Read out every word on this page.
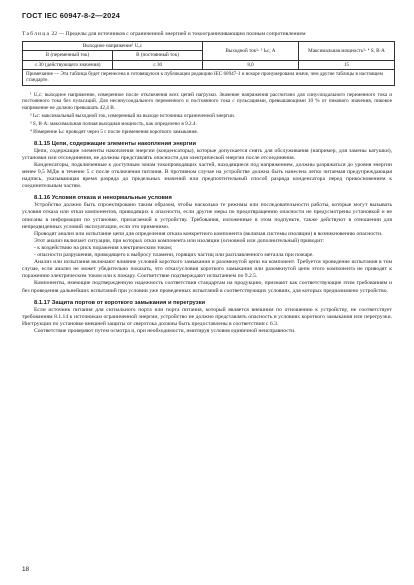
ГОСТ IEC 60947-8-2—2024
Таблица 22 — Пределы для источников с ограниченной энергией и токоограничивающим полным сопротивлением
Выходное напряжение¹ Uₒc		Выходной ток²˞ ³ Iₖc, А	Максимальная мощность³˞ ⁴ S, В·А
В (переменный ток)	В (постоянный ток)		
≤ 30 (действующего значения)	≤ 30	8,0	15
Примечание — Эта таблица будет перенесена в готовящуюся к публикации редакцию IEC 60947-1 и вскоре пронумерована иначе, чем другие таблицы в настоящем стандарте.			

¹ Uₒc: выходное напряжение, измеренное после отключения всех цепей нагрузки. Значение напряжения рассчитано для синусоидального переменного тока и постоянного тока без пульсаций. Для несинусоидального переменного и постоянного тока с пульсациями, превышающими 10 % от пикового значения, пиковое напряжение не должно превышать 42,4 В.

² Iₖc: максимальный выходной ток, измеренный на выходе источника ограниченной энергии.

³ S, В·А: максимальная полная выходная мощность, как определено в 9.2.4.

⁴ Измерение Iₖc проводят через 5 с после применения короткого замыкания.

8.1.15 Цепи, содержащие элементы накопления энергии

Цепи, содержащие элементы накопления энергии (конденсаторы), которые допускается снять для обслуживания (например, для замены катушки), установки или отсоединения, не должны представлять опасности для электрической энергии после отсоединения.

Конденсаторы, подключенные к доступным зонам токопроводящих частей, находящиеся под напряжением, должны разряжаться до уровня энергии менее 0,5 МДж в течение 5 с после отключения питания. В противном случае на устройстве должна быть нанесена легко читаемая предупреждающая надпись, указывающая время разряда до предельных значений или предпочтительный способ разряда конденсатора перед прикосновением к соединительным частям.

8.1.16 Условия отказа и ненормальные условия

Устройство должно быть спроектировано таким образом, чтобы насколько те режимы или последовательности работы, которые могут вызывать условия отказа или отказ компонентов, приводящих к опасности, если другие меры по предотвращению опасности не предусмотрены установкой и не описаны в информации по установке, прилагаемой к устройству. Требования, изложенные в этом подпункте, также действуют в отношении для непредвиденных условий эксплуатации, если это применимо.

Проводят анализ или испытание цепи для определения отказа конкретного компонента (включая системы изоляции) в возникновению опасности.

Этот анализ включает ситуации, при которых отказ компонента или изоляции (основной или дополнительный) приводит:

- к воздействию на риск поражения электрическим током;

- опасности разрушения, приводящего к выбросу пламени, горящих частиц или расплавленного металла при пожаре.

Анализ или испытания включают влияние условий короткого замыкания и разомкнутой цепи на компонент. Требуется проведение испытания в том случае, если анализ не может убедительно показать, что отказ/условия короткого замыкания или разомкнутой цепи этого компонента не приводят к поражению электрическим током или к пожару. Соответствие подтверждают испытанием по 9.2.5.

Компоненты, имеющие подтвержденную надежность соответствия стандартам на продукцию, признают как соответствующие этим требованиям и без проведения дальнейших испытаний при условии уже проведенных испытаний в соответствующих условиях, для которых предназначено устройство.

8.1.17 Защита портов от короткого замыкания и перегрузки

Если источник питания для сигнального порта или порта питания, который является внешним по отношению к устройству, не соответствует требованиям 8.1.14 к источникам ограниченной энергии, устройство не должно представлять опасность в условиях короткого замыкания или перегрузки. Инструкции по установке внешней защиты от сверхтока должны быть предоставлены в соответствии с 6.3.

Соответствие проверяют путем осмотра и, при необходимости, имитируя условия единичной неисправности.

18
